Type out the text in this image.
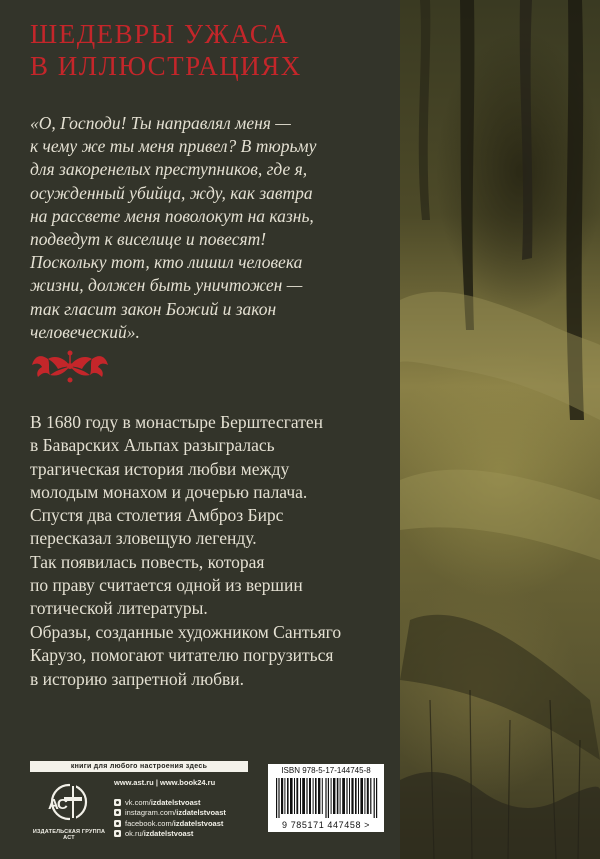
ШЕДЕВРЫ УЖАСА
В ИЛЛЮСТРАЦИЯХ
«О, Господи! Ты направлял меня —
к чему же ты меня привел? В тюрьму
для закоренелых преступников, где я,
осужденный убийца, жду, как завтра
на рассвете меня поволокут на казнь,
подведут к виселице и повесят!
Поскольку тот, кто лишил человека
жизни, должен быть уничтожен —
так гласит закон Божий и закон
человеческий».
В 1680 году в монастыре Берштесгатен
в Баварских Альпах разыгралась
трагическая история любви между
молодым монахом и дочерью палача.
Спустя два столетия Амброз Бирс
пересказал зловещую легенду.
Так появилась повесть, которая
по праву считается одной из вершин
готической литературы.
Образы, созданные художником Сантьяго
Карузо, помогают читателю погрузиться
в историю запретной любви.
книги для любого настроения здесь
www.ast.ru | www.book24.ru
А
С
ИЗДАТЕЛЬСКАЯ ГРУППА АСТ
vk.com/izdatelstvoast
instagram.com/izdatelstvoast
facebook.com/izdatelstvoast
ok.ru/izdatelstvoast
ISBN 978-5-17-144745-8
9 785171 447458 >
